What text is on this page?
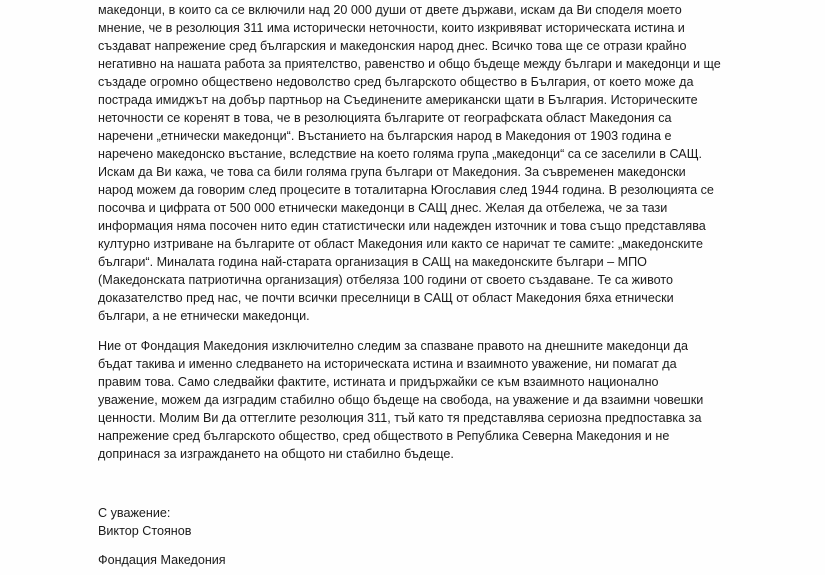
македонци, в които са се включили над 20 000 души от двете държави, искам да Ви споделя моето
мнение, че в резолюция 311 има исторически неточности, които изкривяват историческата истина и
създават напрежение сред българския и македонския народ днес. Всичко това ще се отрази крайно
негативно на нашата работа за приятелство, равенство и общо бъдеще между българи и македонци и ще
създаде огромно обществено недоволство сред българското общество в България, от което може да
пострада имиджът на добър партньор на Съединените американски щати в България. Историческите
неточности се коренят в това, че в резолюцията българите от географската област Македония са
наречени „етнически македонци“. Въстанието на българския народ в Македония от 1903 година е
наречено македонско въстание, вследствие на което голяма група „македонци“ са се заселили в САЩ.
Искам да Ви кажа, че това са били голяма група българи от Македония. За съвременен македонски
народ можем да говорим след процесите в тоталитарна Югославия след 1944 година. В резолюцията се
посочва и цифрата от 500 000 етнически македонци в САЩ днес. Желая да отбележа, че за тази
информация няма посочен нито един статистически или надежден източник и това също представлява
културно изтриване на българите от област Македония или както се наричат те самите: „македонските
българи“. Миналата година най-старата организация в САЩ на македонските българи – МПО
(Македонската патриотична организация) отбеляза 100 години от своето създаване. Те са живото
доказателство пред нас, че почти всички преселници в САЩ от област Македония бяха етнически
българи, а не етнически македонци.
Ние от Фондация Македония изключително следим за спазване правото на днешните македонци да
бъдат такива и именно следването на историческата истина и взаимното уважение, ни помагат да
правим това. Само следвайки фактите, истината и придържайки се към взаимното национално
уважение, можем да изградим стабилно общо бъдеще на свобода, на уважение и да взаимни човешки
ценности. Молим Ви да оттеглите резолюция 311, тъй като тя представлява сериозна предпоставка за
напрежение сред българското общество, сред обществото в Република Северна Македония и не
допринася за изграждането на общото ни стабилно бъдеще.
С уважение:
Виктор Стоянов
Фондация Македония
